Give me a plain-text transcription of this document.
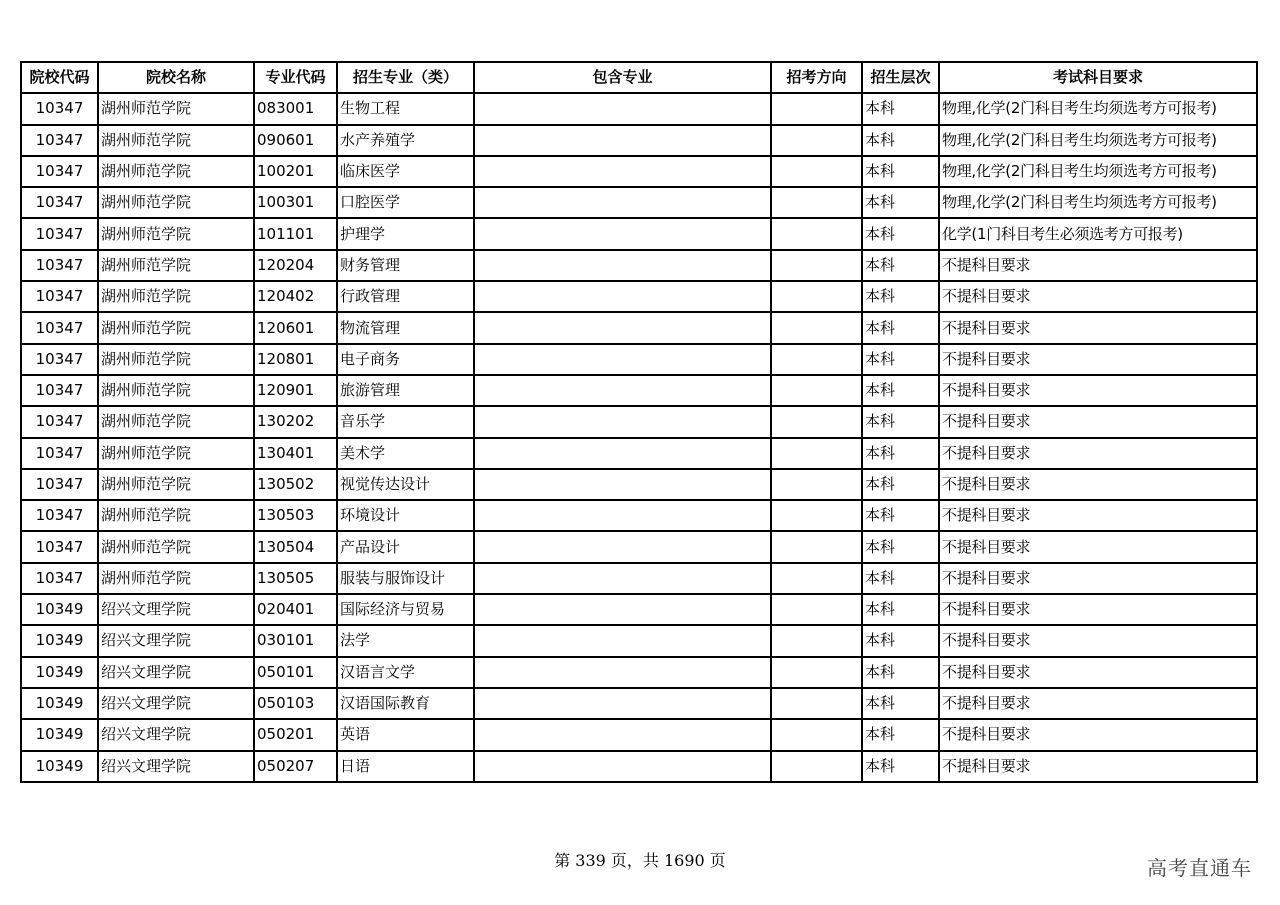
院校代码	院校名称	专业代码	招生专业（类）	包含专业	招考方向	招生层次	考试科目要求
10347	湖州师范学院	083001	生物工程			本科	物理,化学(2门科目考生均须选考方可报考)
10347	湖州师范学院	090601	水产养殖学			本科	物理,化学(2门科目考生均须选考方可报考)
10347	湖州师范学院	100201	临床医学			本科	物理,化学(2门科目考生均须选考方可报考)
10347	湖州师范学院	100301	口腔医学			本科	物理,化学(2门科目考生均须选考方可报考)
10347	湖州师范学院	101101	护理学			本科	化学(1门科目考生必须选考方可报考)
10347	湖州师范学院	120204	财务管理			本科	不提科目要求
10347	湖州师范学院	120402	行政管理			本科	不提科目要求
10347	湖州师范学院	120601	物流管理			本科	不提科目要求
10347	湖州师范学院	120801	电子商务			本科	不提科目要求
10347	湖州师范学院	120901	旅游管理			本科	不提科目要求
10347	湖州师范学院	130202	音乐学			本科	不提科目要求
10347	湖州师范学院	130401	美术学			本科	不提科目要求
10347	湖州师范学院	130502	视觉传达设计			本科	不提科目要求
10347	湖州师范学院	130503	环境设计			本科	不提科目要求
10347	湖州师范学院	130504	产品设计			本科	不提科目要求
10347	湖州师范学院	130505	服装与服饰设计			本科	不提科目要求
10349	绍兴文理学院	020401	国际经济与贸易			本科	不提科目要求
10349	绍兴文理学院	030101	法学			本科	不提科目要求
10349	绍兴文理学院	050101	汉语言文学			本科	不提科目要求
10349	绍兴文理学院	050103	汉语国际教育			本科	不提科目要求
10349	绍兴文理学院	050201	英语			本科	不提科目要求
10349	绍兴文理学院	050207	日语			本科	不提科目要求
第 339 页，共 1690 页	高考直通车
